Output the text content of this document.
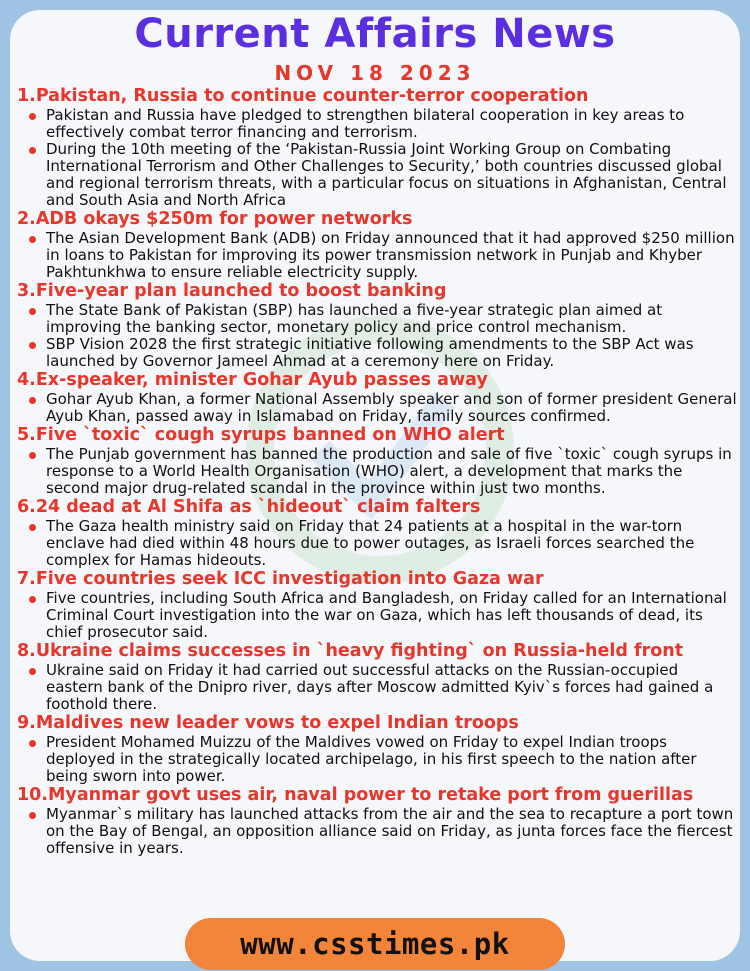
Current Affairs News
NOV 18 2023
1.Pakistan, Russia to continue counter-terror cooperation
Pakistan and Russia have pledged to strengthen bilateral cooperation in key areas to effectively combat terror financing and terrorism.
During the 10th meeting of the ‘Pakistan-Russia Joint Working Group on Combating International Terrorism and Other Challenges to Security,’ both countries discussed global and regional terrorism threats, with a particular focus on situations in Afghanistan, Central and South Asia and North Africa
2.ADB okays $250m for power networks
The Asian Development Bank (ADB) on Friday announced that it had approved $250 million in loans to Pakistan for improving its power transmission network in Punjab and Khyber Pakhtunkhwa to ensure reliable electricity supply.
3.Five-year plan launched to boost banking
The State Bank of Pakistan (SBP) has launched a five-year strategic plan aimed at improving the banking sector, monetary policy and price control mechanism.
SBP Vision 2028 the first strategic initiative following amendments to the SBP Act was launched by Governor Jameel Ahmad at a ceremony here on Friday.
4.Ex-speaker, minister Gohar Ayub passes away
Gohar Ayub Khan, a former National Assembly speaker and son of former president General Ayub Khan, passed away in Islamabad on Friday, family sources confirmed.
5.Five `toxic` cough syrups banned on WHO alert
The Punjab government has banned the production and sale of five `toxic` cough syrups in response to a World Health Organisation (WHO) alert, a development that marks the second major drug-related scandal in the province within just two months.
6.24 dead at Al Shifa as `hideout` claim falters
The Gaza health ministry said on Friday that 24 patients at a hospital in the war-torn enclave had died within 48 hours due to power outages, as Israeli forces searched the complex for Hamas hideouts.
7.Five countries seek ICC investigation into Gaza war
Five countries, including South Africa and Bangladesh, on Friday called for an International Criminal Court investigation into the war on Gaza, which has left thousands of dead, its chief prosecutor said.
8.Ukraine claims successes in `heavy fighting` on Russia-held front
Ukraine said on Friday it had carried out successful attacks on the Russian-occupied eastern bank of the Dnipro river, days after Moscow admitted Kyiv`s forces had gained a foothold there.
9.Maldives new leader vows to expel Indian troops
President Mohamed Muizzu of the Maldives vowed on Friday to expel Indian troops deployed in the strategically located archipelago, in his first speech to the nation after being sworn into power.
10.Myanmar govt uses air, naval power to retake port from guerillas
Myanmar`s military has launched attacks from the air and the sea to recapture a port town on the Bay of Bengal, an opposition alliance said on Friday, as junta forces face the fiercest offensive in years.
www.csstimes.pk
